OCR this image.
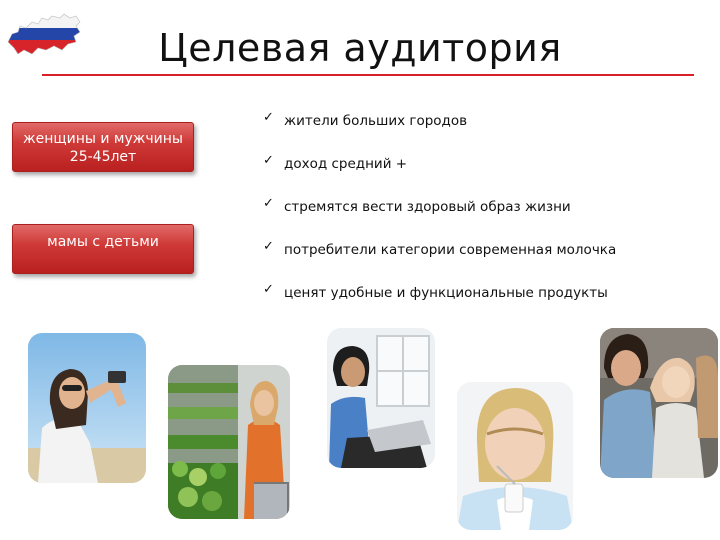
Целевая аудитория
женщины и мужчины
25-45лет
мамы с детьми
✓ жители больших городов
✓ доход средний +
✓ стремятся вести здоровый образ жизни
✓ потребители категории современная молочка
✓ ценят удобные и функциональные продукты
